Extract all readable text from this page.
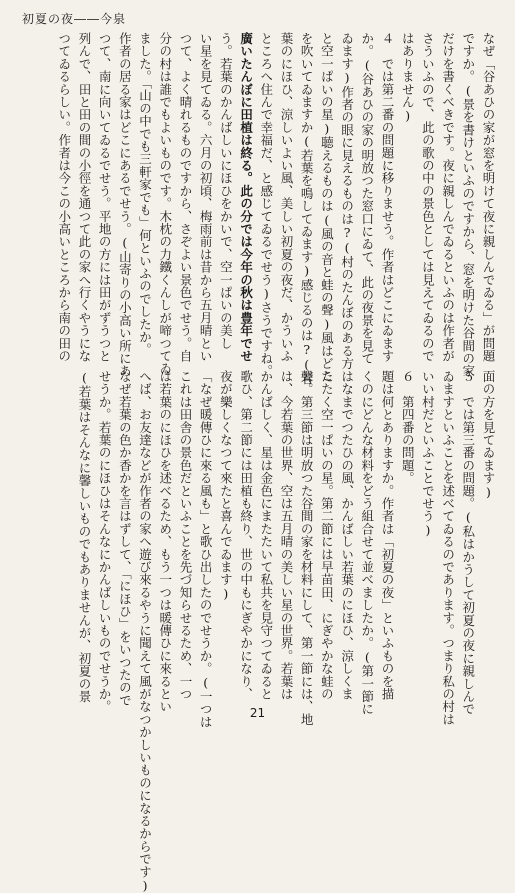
初夏の夜――今泉
なぜ「谷あひの家が窓を明けて夜に親しんでゐる」が問題
ですか。(景を書けといふのですから、窓を明けた谷間の家
だけを書くべきです。夜に親しんでゐるといふのは作者が
さういふので、此の歌の中の景色としては見えてゐるので
はありません)
４　では第二番の問題に移りませう。作者はどこにゐます
か。(谷あひの家の明放つた窓口にゐて、此の夜景を見て
ゐます)作者の眼に見えるものは?(村のたんぼのある方
と空一ぱいの星)聴えるものは(風の音と蛙の聲)風はどこ
を吹いてゐますか(若葉を鳴してゐます)感じるのは?(若
葉のにほひ、涼しいよい風、美しい初夏の夜だ、かういふ
ところへ住んで幸福だ、と感じてゐるでせう)さうですね。
廣いたんぼに田植は終る。此の分では今年の秋は豊年でせ
う。若葉のかんばしいにほひをかいで、空一ぱいの美し
い星を見てゐる。六月の初頃、梅雨前は昔から五月晴とい
つて、よく晴れるものですから、さぞよい景色でせう。自
分の村は誰でもよいものです。木枕の力鐵くんしが啼つてゐ
ました。「山の中でも三軒家でも」何といふのでしたか。
作者の居る家はどこにあるでせう。(山寄りの小高い所にあ
つて、南に向いてゐるでせう。平地の方には田がずうつと
列んで、田と田の間の小徑を通つて此の家へ行くやうにな
つてゐるらしい。作者は今この小高いところから南の田の
面の方を見てゐます)
５　では第三番の問題。(私はかうして初夏の夜に親しんで
ゐますといふことを述べてゐるのであります。つまり私の村は
いい村だといふことでせう)
６　第四番の問題。
題は何とありますか。作者は「初夏の夜」といふものを描
くのにどんな材料をどう組合せて並べましたか。(第一節に
はなまでつたひの風、かんばしい若葉のにほひ、涼しくま
たたく空一ぱいの星。第二節には早苗田、にぎやかな蛙の
聲。第三節は明放つた谷間の家を材料にして、第一節には、地
は、今若葉の世界、空は五月晴の美しい星の世界。若葉は
かんばしく、星は金色にまたたいて私共を見守つてゐると
歌ひ、第二節には田植も終り、世の中もにぎやかになり、
夜が樂しくなつて來たと喜んでゐます)
「なぜ暖傳ひに來る風も」と歌ひ出したのでせうか。(一つは
これは田舎の景色だといふことを先づ知らせるため、一つ
は若葉のにほひを述べるため、もう一つは暖傳ひに來るとい
へば、お友達などが作者の家へ遊び來るやうに聞えて風がなつかしいものになるからです)
なぜ若葉の色か香かを言はずして、「にほひ」をいつたので
せうか。若葉のにほひはそんなにかんばしいものでせうか。
(若葉はそんなに馨しいものでもありませんが、初夏の景
21
